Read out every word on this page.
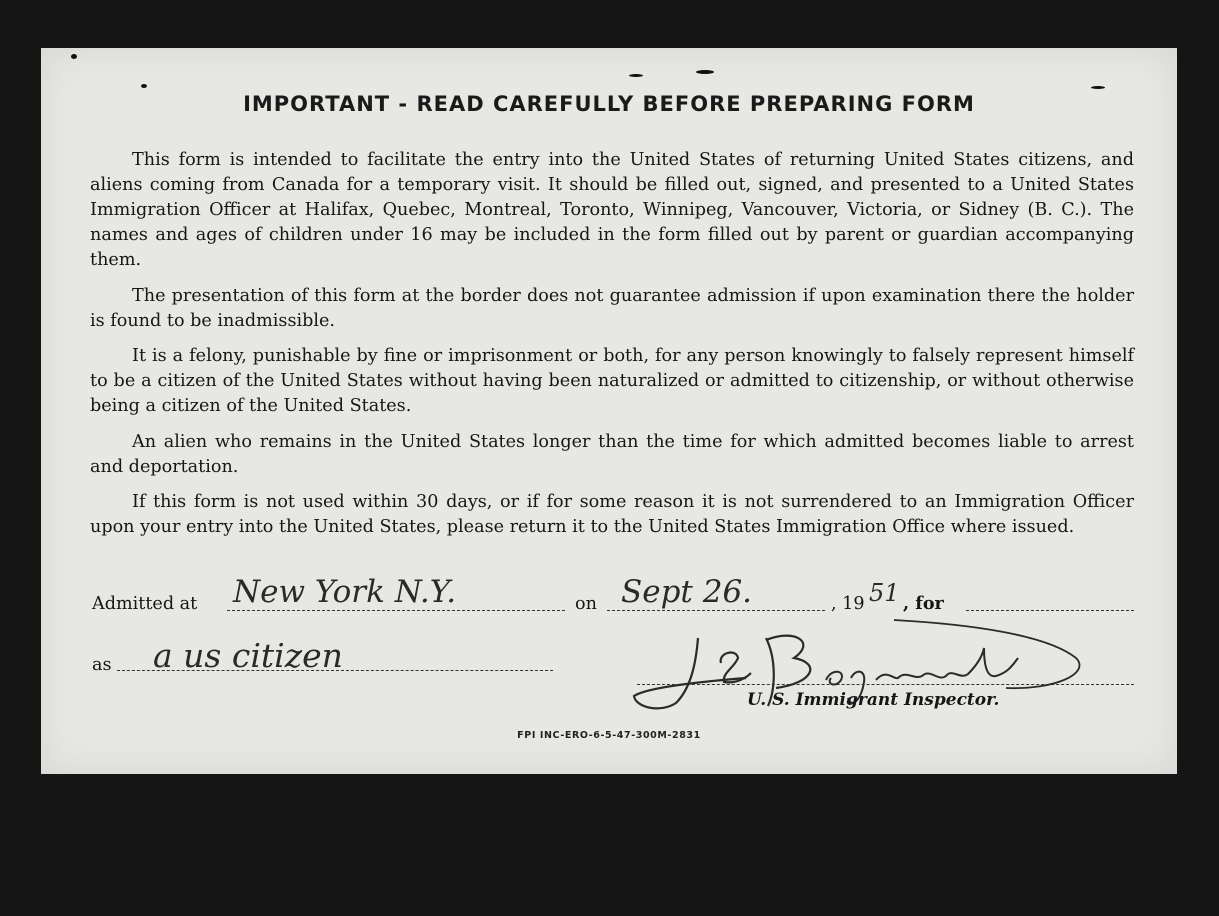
IMPORTANT ‐ READ CAREFULLY BEFORE PREPARING FORM

This form is intended to facilitate the entry into the United States of returning United States citizens, and aliens coming from Canada for a temporary visit. It should be filled out, signed, and presented to a United States Immigration Officer at Halifax, Quebec, Montreal, Toronto, Winnipeg, Vancouver, Victoria, or Sidney (B. C.). The names and ages of children under 16 may be included in the form filled out by parent or guardian accompanying them.

The presentation of this form at the border does not guarantee admission if upon examination there the holder is found to be inadmissible.

It is a felony, punishable by fine or imprisonment or both, for any person knowingly to falsely represent himself to be a citizen of the United States without having been naturalized or admitted to citizenship, or without otherwise being a citizen of the United States.

An alien who remains in the United States longer than the time for which admitted becomes liable to arrest and deportation.

If this form is not used within 30 days, or if for some reason it is not surrendered to an Immigration Officer upon your entry into the United States, please return it to the United States Immigration Office where issued.

Admitted at New York N.Y.	on Sept 26.	, 19 51 , for
as a us citizen
U. S. Immigrant Inspector.
FPI INC-ERO-6-5-47-300M-2831
